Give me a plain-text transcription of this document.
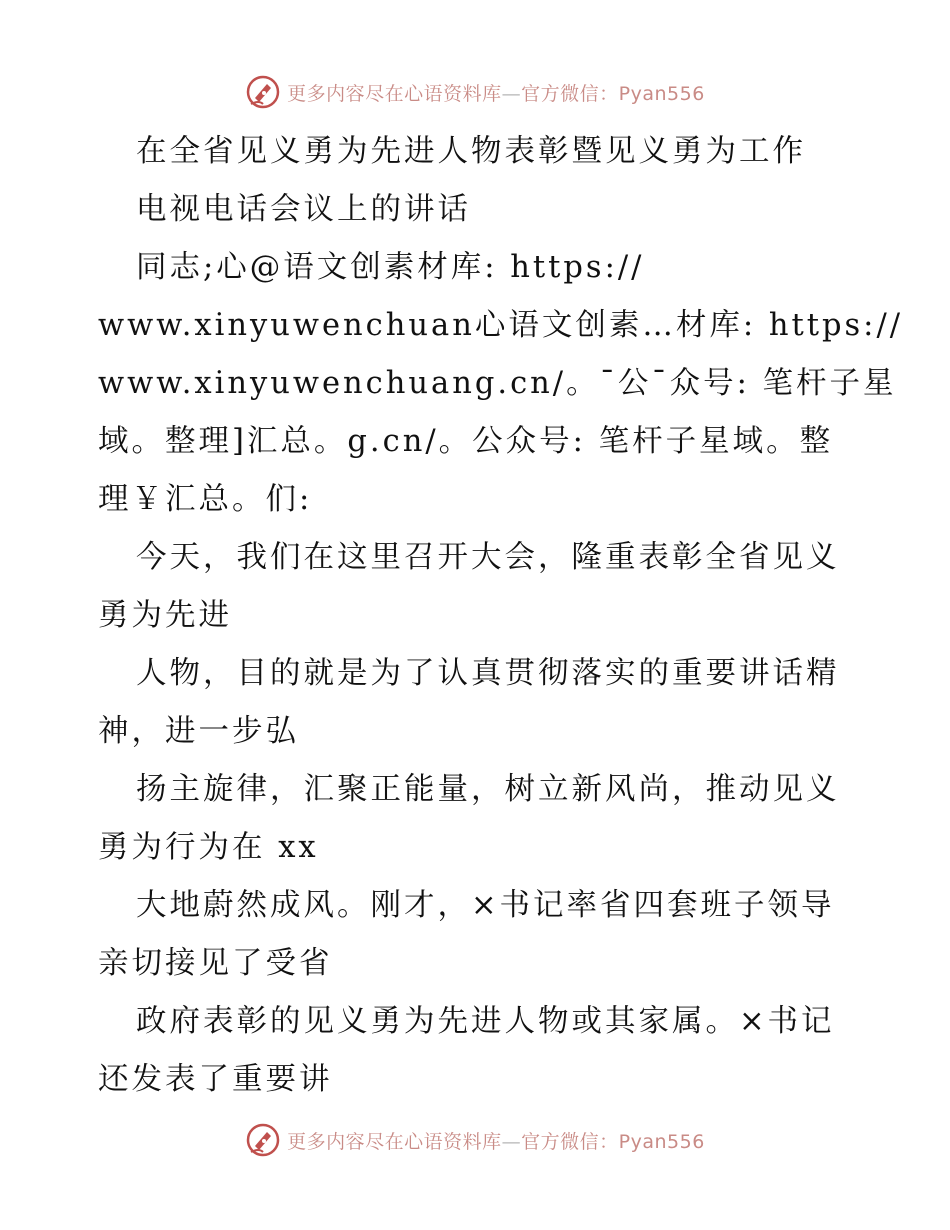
更多内容尽在心语资料库—官方微信：Pyan556
在全省见义勇为先进人物表彰暨见义勇为工作
电视电话会议上的讲话
同志;心@语文创素材库: https://
www.xinyuwenchuan心语文创素…材库: https://
www.xinyuwenchuang.cn/。¯公¯众号: 笔杆子星
域。整理]汇总。g.cn/。公众号: 笔杆子星域。整
理￥汇总。们:
今天，我们在这里召开大会，隆重表彰全省见义
勇为先进
人物，目的就是为了认真贯彻落实的重要讲话精
神，进一步弘
扬主旋律，汇聚正能量，树立新风尚，推动见义
勇为行为在 xx
大地蔚然成风。刚才，×书记率省四套班子领导
亲切接见了受省
政府表彰的见义勇为先进人物或其家属。×书记
还发表了重要讲
更多内容尽在心语资料库—官方微信：Pyan556
